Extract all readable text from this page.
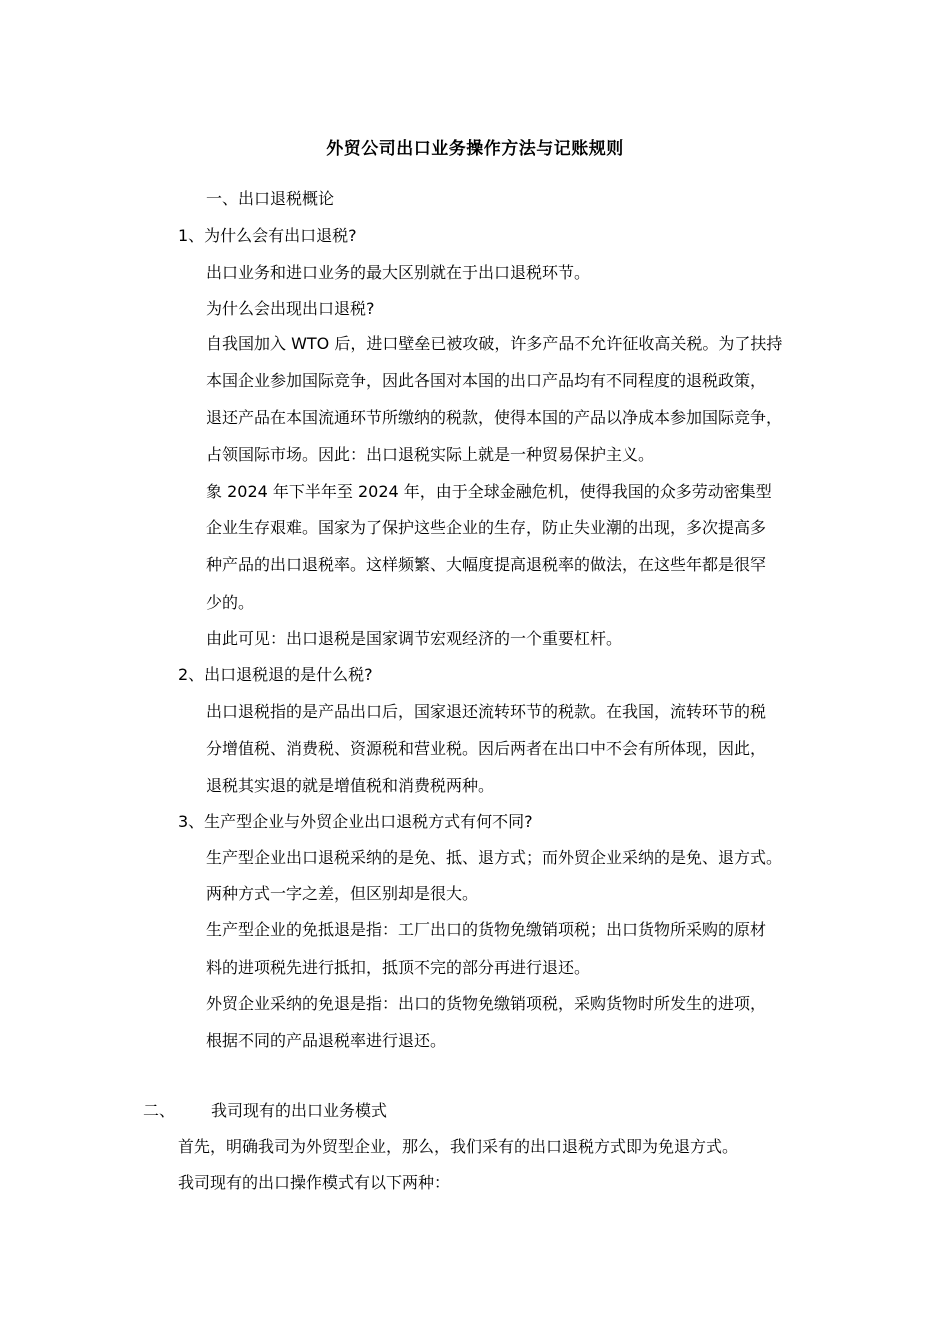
外贸公司出口业务操作方法与记账规则
一、出口退税概论
1、为什么会有出口退税?
出口业务和进口业务的最大区别就在于出口退税环节。
为什么会出现出口退税?
自我国加入 WTO 后，进口壁垒已被攻破，许多产品不允许征收高关税。为了扶持
本国企业参加国际竞争，因此各国对本国的出口产品均有不同程度的退税政策，
退还产品在本国流通环节所缴纳的税款，使得本国的产品以净成本参加国际竞争，
占领国际市场。因此：出口退税实际上就是一种贸易保护主义。
象 2024 年下半年至 2024 年，由于全球金融危机，使得我国的众多劳动密集型
企业生存艰难。国家为了保护这些企业的生存，防止失业潮的出现，多次提高多
种产品的出口退税率。这样频繁、大幅度提高退税率的做法，在这些年都是很罕
少的。
由此可见：出口退税是国家调节宏观经济的一个重要杠杆。
2、出口退税退的是什么税?
出口退税指的是产品出口后，国家退还流转环节的税款。在我国，流转环节的税
分增值税、消费税、资源税和营业税。因后两者在出口中不会有所体现，因此，
退税其实退的就是增值税和消费税两种。
3、生产型企业与外贸企业出口退税方式有何不同?
生产型企业出口退税采纳的是免、抵、退方式；而外贸企业采纳的是免、退方式。
两种方式一字之差，但区别却是很大。
生产型企业的免抵退是指：工厂出口的货物免缴销项税；出口货物所采购的原材
料的进项税先进行抵扣，抵顶不完的部分再进行退还。
外贸企业采纳的免退是指：出口的货物免缴销项税，采购货物时所发生的进项，
根据不同的产品退税率进行退还。
二、 我司现有的出口业务模式
首先，明确我司为外贸型企业，那么，我们采有的出口退税方式即为免退方式。
我司现有的出口操作模式有以下两种：
